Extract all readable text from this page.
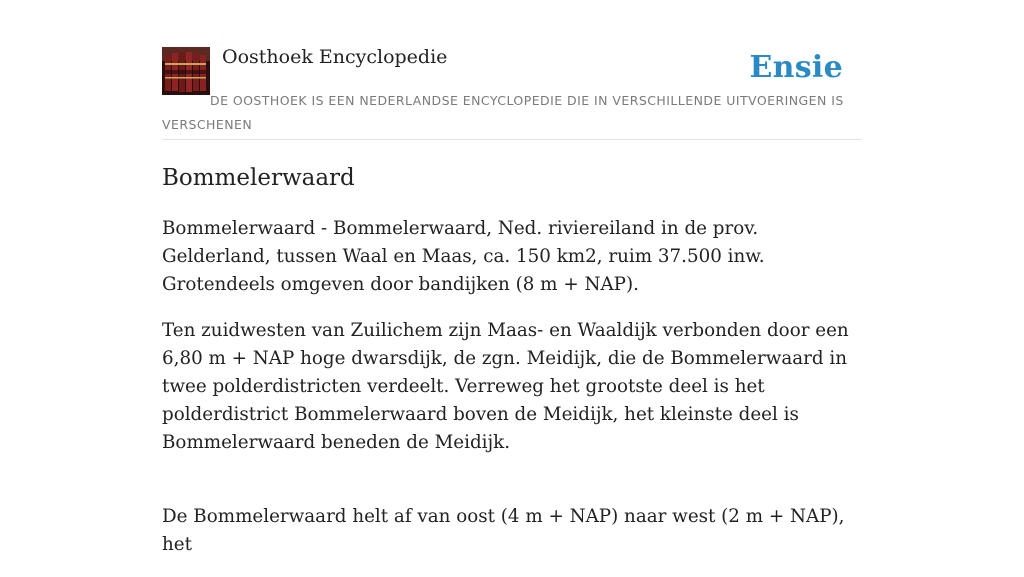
Oosthoek Encyclopedie	Ensie
DE OOSTHOEK IS EEN NEDERLANDSE ENCYCLOPEDIE DIE IN VERSCHILLENDE UITVOERINGEN IS VERSCHENEN
Bommelerwaard

Bommelerwaard - Bommelerwaard, Ned. riviereiland in de prov. Gelderland, tussen Waal en Maas, ca. 150 km2, ruim 37.500 inw. Grotendeels omgeven door bandijken (8 m + NAP).

Ten zuidwesten van Zuilichem zijn Maas- en Waaldijk verbonden door een 6,80 m + NAP hoge dwarsdijk, de zgn. Meidijk, die de Bommelerwaard in twee polderdistricten verdeelt. Verreweg het grootste deel is het polderdistrict Bommelerwaard boven de Meidijk, het kleinste deel is Bommelerwaard beneden de Meidijk.

De Bommelerwaard helt af van oost (4 m + NAP) naar west (2 m + NAP), het
